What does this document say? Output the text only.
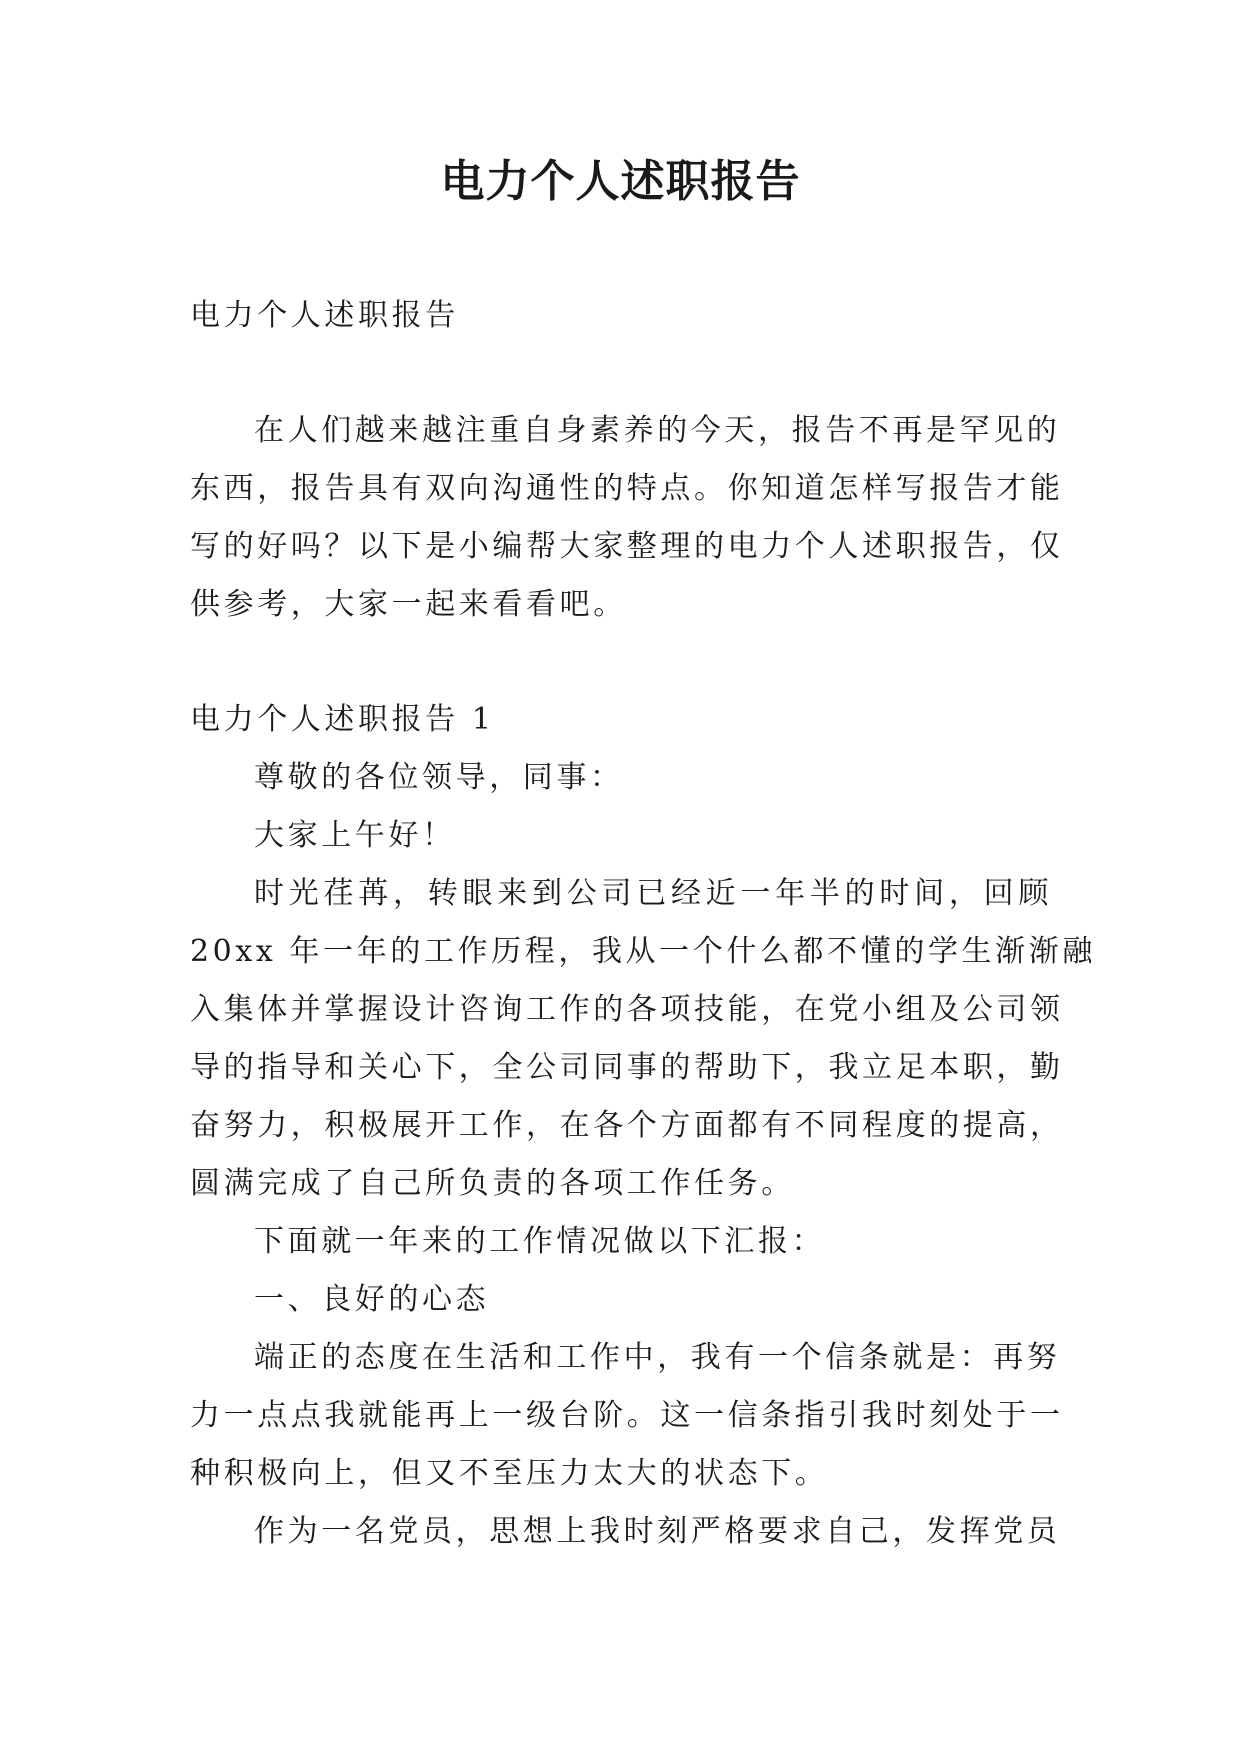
电力个人述职报告
电力个人述职报告
在人们越来越注重自身素养的今天，报告不再是罕见的
东西，报告具有双向沟通性的特点。你知道怎样写报告才能
写的好吗？以下是小编帮大家整理的电力个人述职报告，仅
供参考，大家一起来看看吧。
电力个人述职报告 1
尊敬的各位领导，同事：
大家上午好！
时光荏苒，转眼来到公司已经近一年半的时间，回顾
20xx 年一年的工作历程，我从一个什么都不懂的学生渐渐融
入集体并掌握设计咨询工作的各项技能，在党小组及公司领
导的指导和关心下，全公司同事的帮助下，我立足本职，勤
奋努力，积极展开工作，在各个方面都有不同程度的提高，
圆满完成了自己所负责的各项工作任务。
下面就一年来的工作情况做以下汇报：
一、良好的心态
端正的态度在生活和工作中，我有一个信条就是：再努
力一点点我就能再上一级台阶。这一信条指引我时刻处于一
种积极向上，但又不至压力太大的状态下。
作为一名党员，思想上我时刻严格要求自己，发挥党员
